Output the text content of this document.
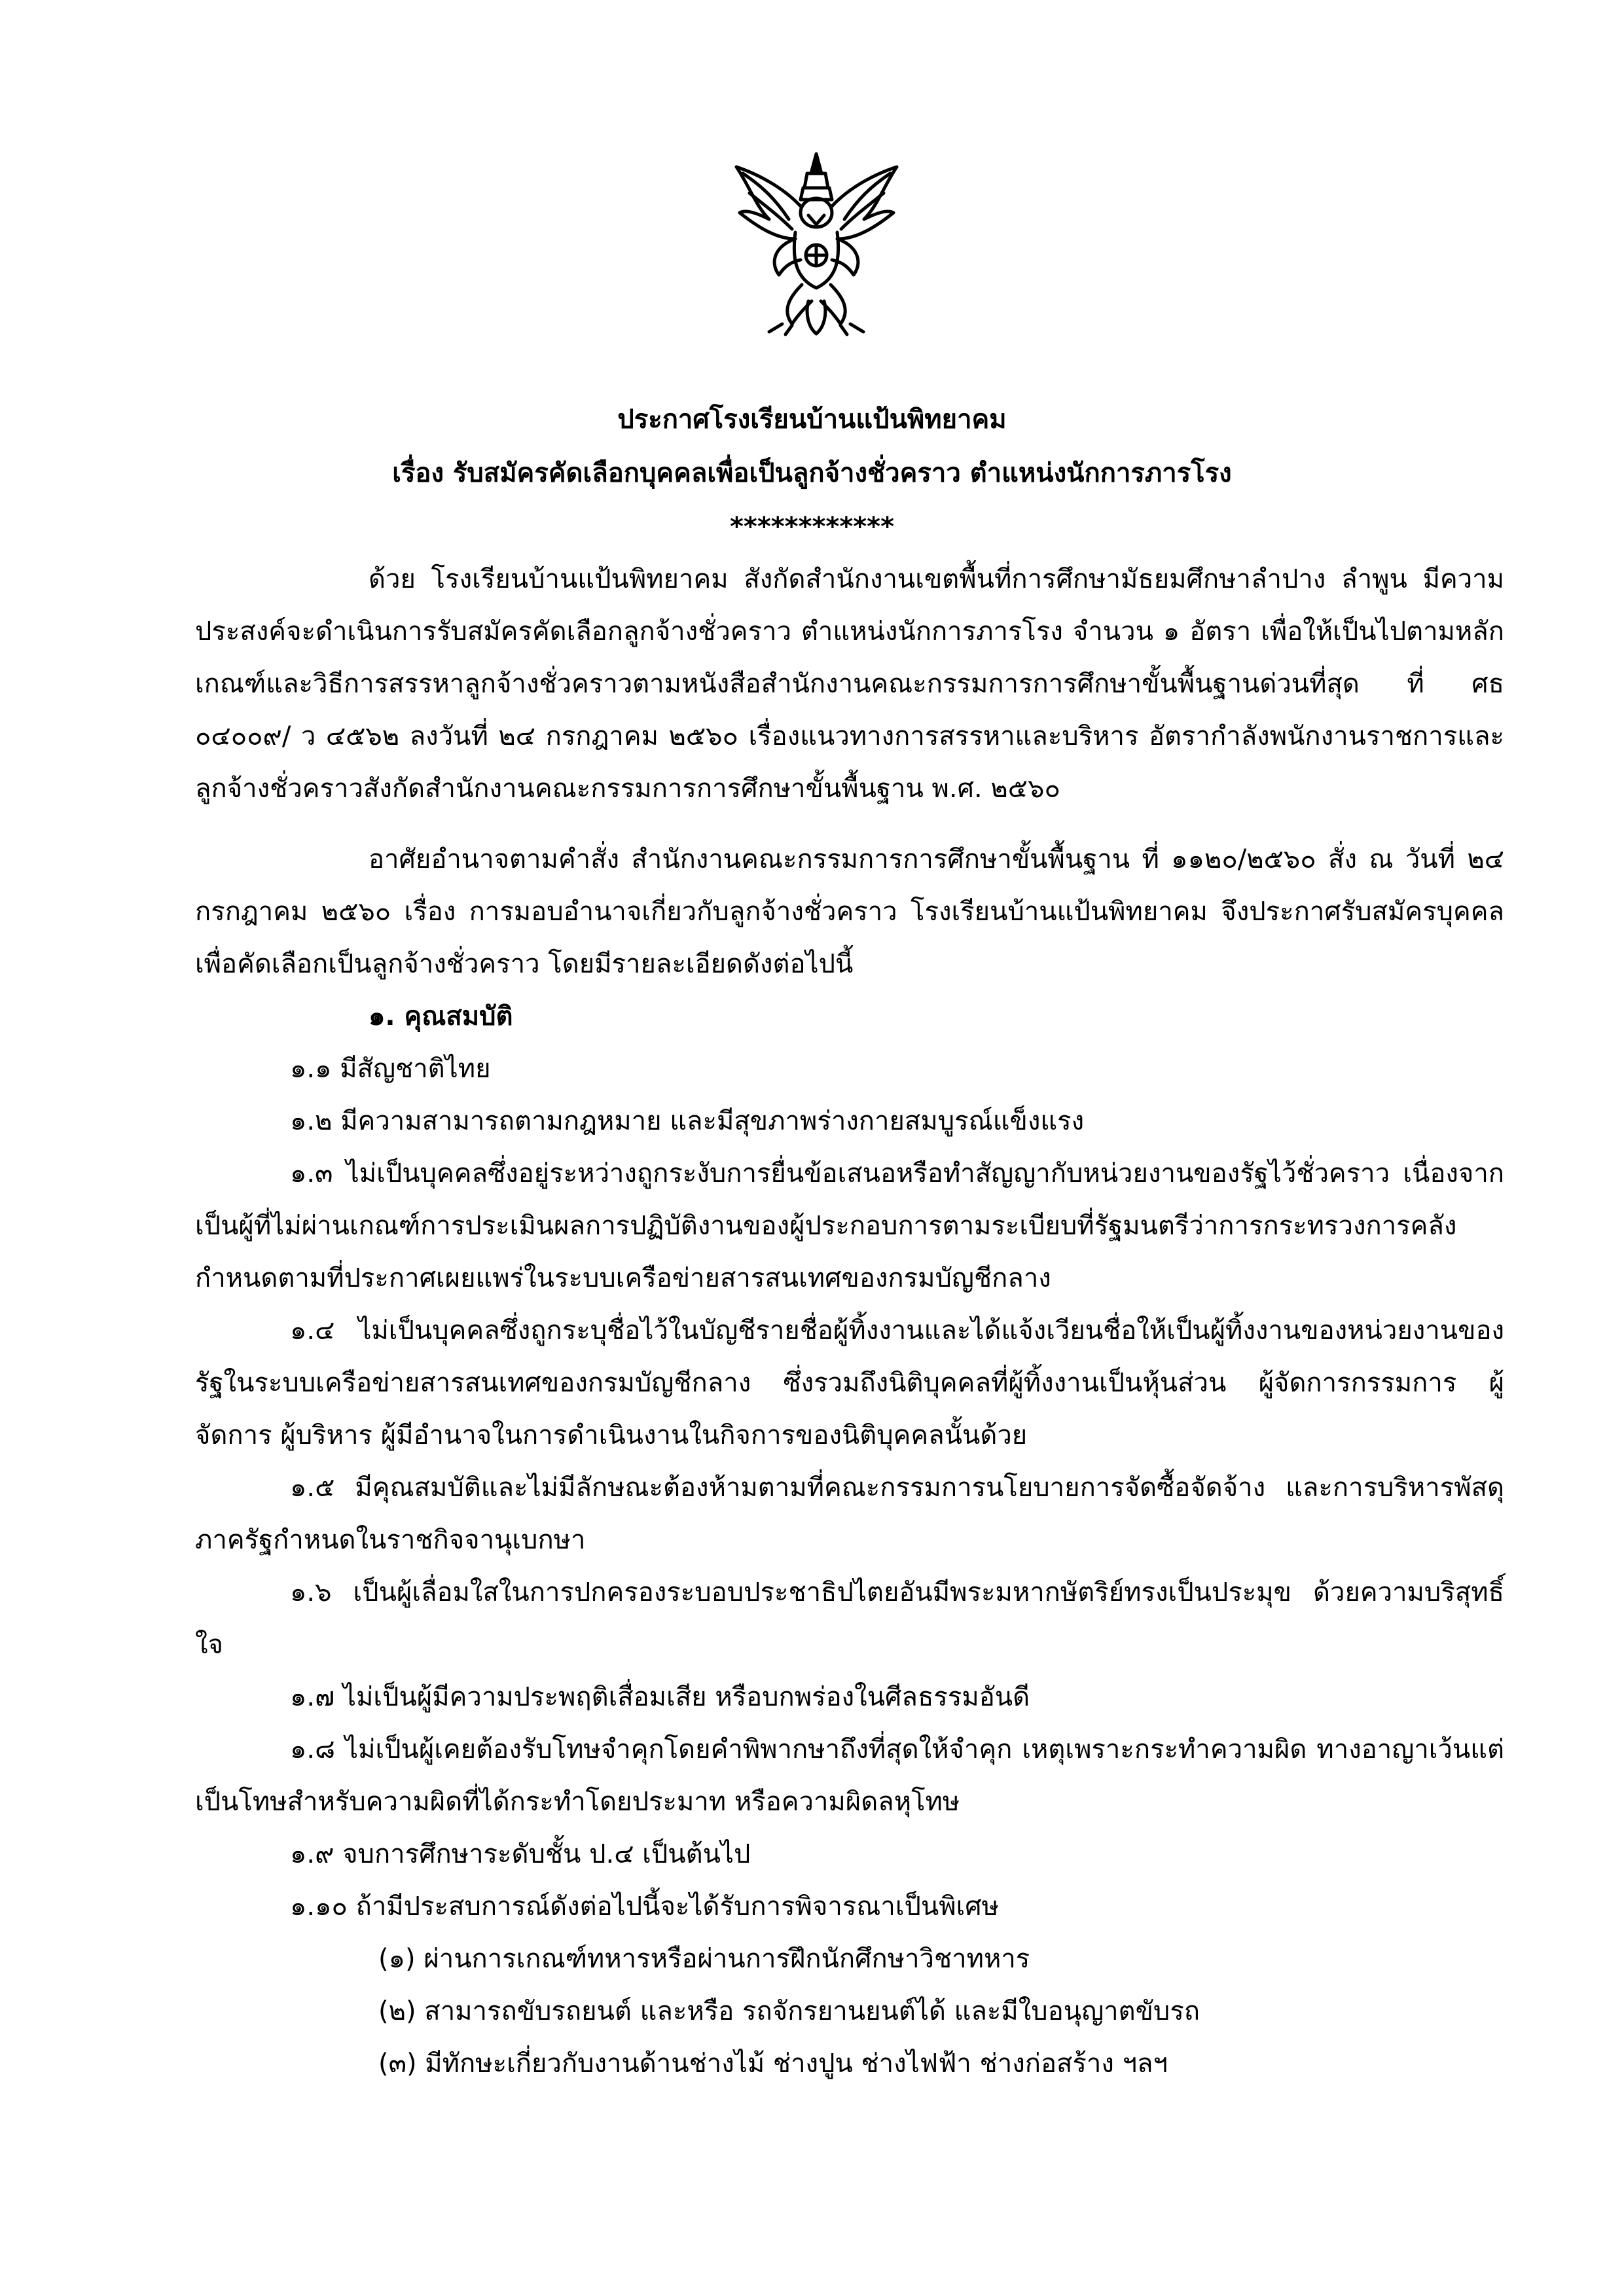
ประกาศโรงเรียนบ้านแป้นพิทยาคม
เรื่อง รับสมัครคัดเลือกบุคคลเพื่อเป็นลูกจ้างชั่วคราว ตำแหน่งนักการภารโรง
************

ด้วย โรงเรียนบ้านแป้นพิทยาคม สังกัดสำนักงานเขตพื้นที่การศึกษามัธยมศึกษาลำปาง ลำพูน มีความประสงค์จะดำเนินการรับสมัครคัดเลือกลูกจ้างชั่วคราว ตำแหน่งนักการภารโรง จำนวน ๑ อัตรา เพื่อให้เป็นไปตามหลักเกณฑ์และวิธีการสรรหาลูกจ้างชั่วคราวตามหนังสือสำนักงานคณะกรรมการการศึกษาขั้นพื้นฐานด่วนที่สุด ที่ ศธ ๐๔๐๐๙/ ว ๔๕๖๒ ลงวันที่ ๒๔ กรกฎาคม ๒๕๖๐ เรื่องแนวทางการสรรหาและบริหาร อัตรากำลังพนักงานราชการและลูกจ้างชั่วคราวสังกัดสำนักงานคณะกรรมการการศึกษาขั้นพื้นฐาน พ.ศ. ๒๕๖๐

อาศัยอำนาจตามคำสั่ง สำนักงานคณะกรรมการการศึกษาขั้นพื้นฐาน ที่ ๑๑๒๐/๒๕๖๐ สั่ง ณ วันที่ ๒๔ กรกฎาคม ๒๕๖๐ เรื่อง การมอบอำนาจเกี่ยวกับลูกจ้างชั่วคราว โรงเรียนบ้านแป้นพิทยาคม จึงประกาศรับสมัครบุคคลเพื่อคัดเลือกเป็นลูกจ้างชั่วคราว โดยมีรายละเอียดดังต่อไปนี้

๑. คุณสมบัติ

๑.๑ มีสัญชาติไทย

๑.๒ มีความสามารถตามกฎหมาย และมีสุขภาพร่างกายสมบูรณ์แข็งแรง

๑.๓ ไม่เป็นบุคคลซึ่งอยู่ระหว่างถูกระงับการยื่นข้อเสนอหรือทำสัญญากับหน่วยงานของรัฐไว้ชั่วคราว เนื่องจากเป็นผู้ที่ไม่ผ่านเกณฑ์การประเมินผลการปฏิบัติงานของผู้ประกอบการตามระเบียบที่รัฐมนตรีว่าการกระทรวงการคลังกำหนดตามที่ประกาศเผยแพร่ในระบบเครือข่ายสารสนเทศของกรมบัญชีกลาง

๑.๔ ไม่เป็นบุคคลซึ่งถูกระบุชื่อไว้ในบัญชีรายชื่อผู้ทิ้งงานและได้แจ้งเวียนชื่อให้เป็นผู้ทิ้งงานของหน่วยงานของรัฐในระบบเครือข่ายสารสนเทศของกรมบัญชีกลาง ซึ่งรวมถึงนิติบุคคลที่ผู้ทิ้งงานเป็นหุ้นส่วน ผู้จัดการกรรมการ ผู้จัดการ ผู้บริหาร ผู้มีอำนาจในการดำเนินงานในกิจการของนิติบุคคลนั้นด้วย

๑.๕ มีคุณสมบัติและไม่มีลักษณะต้องห้ามตามที่คณะกรรมการนโยบายการจัดซื้อจัดจ้าง และการบริหารพัสดุภาครัฐกำหนดในราชกิจจานุเบกษา

๑.๖ เป็นผู้เลื่อมใสในการปกครองระบอบประชาธิปไตยอันมีพระมหากษัตริย์ทรงเป็นประมุข ด้วยความบริสุทธิ์ใจ

๑.๗ ไม่เป็นผู้มีความประพฤติเสื่อมเสีย หรือบกพร่องในศีลธรรมอันดี

๑.๘ ไม่เป็นผู้เคยต้องรับโทษจำคุกโดยคำพิพากษาถึงที่สุดให้จำคุก เหตุเพราะกระทำความผิด ทางอาญาเว้นแต่เป็นโทษสำหรับความผิดที่ได้กระทำโดยประมาท หรือความผิดลหุโทษ

๑.๙ จบการศึกษาระดับชั้น ป.๔ เป็นต้นไป

๑.๑๐ ถ้ามีประสบการณ์ดังต่อไปนี้จะได้รับการพิจารณาเป็นพิเศษ

(๑) ผ่านการเกณฑ์ทหารหรือผ่านการฝึกนักศึกษาวิชาทหาร
(๒) สามารถขับรถยนต์ และหรือ รถจักรยานยนต์ได้ และมีใบอนุญาตขับรถ
(๓) มีทักษะเกี่ยวกับงานด้านช่างไม้ ช่างปูน ช่างไฟฟ้า ช่างก่อสร้าง ฯลฯ
